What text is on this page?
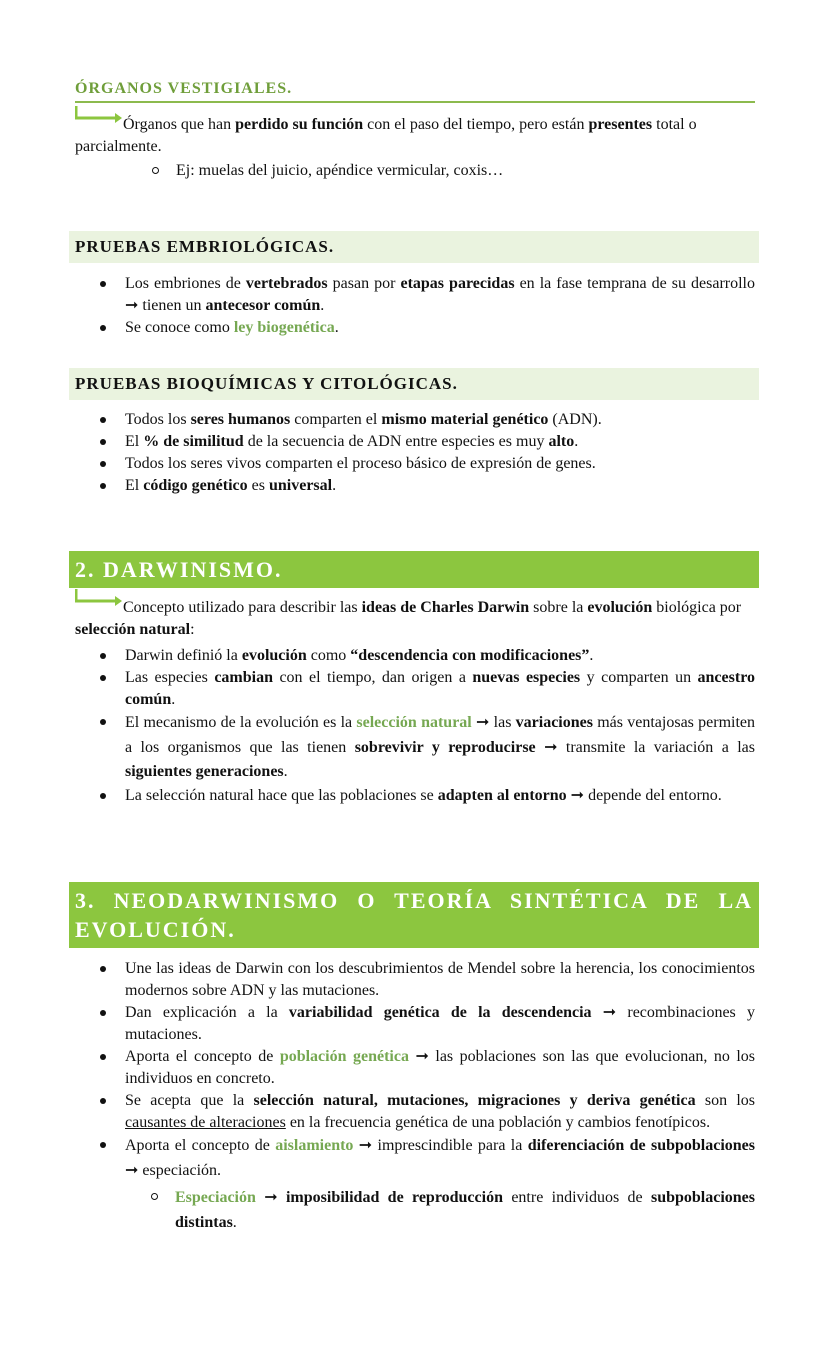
ÓRGANOS VESTIGIALES.
Órganos que han perdido su función con el paso del tiempo, pero están presentes total o parcialmente.
Ej: muelas del juicio, apéndice vermicular, coxis…
PRUEBAS EMBRIOLÓGICAS.
Los embriones de vertebrados pasan por etapas parecidas en la fase temprana de su desarrollo ➞ tienen un antecesor común.
Se conoce como ley biogenética.
PRUEBAS BIOQUÍMICAS Y CITOLÓGICAS.
Todos los seres humanos comparten el mismo material genético (ADN).
El % de similitud de la secuencia de ADN entre especies es muy alto.
Todos los seres vivos comparten el proceso básico de expresión de genes.
El código genético es universal.
2. DARWINISMO.
Concepto utilizado para describir las ideas de Charles Darwin sobre la evolución biológica por selección natural:
Darwin definió la evolución como “descendencia con modificaciones”.
Las especies cambian con el tiempo, dan origen a nuevas especies y comparten un ancestro común.
El mecanismo de la evolución es la selección natural ➞ las variaciones más ventajosas permiten a los organismos que las tienen sobrevivir y reproducirse ➞ transmite la variación a las siguientes generaciones.
La selección natural hace que las poblaciones se adapten al entorno ➞ depende del entorno.
3. NEODARWINISMO O TEORÍA SINTÉTICA DE LA EVOLUCIÓN.
Une las ideas de Darwin con los descubrimientos de Mendel sobre la herencia, los conocimientos modernos sobre ADN y las mutaciones.
Dan explicación a la variabilidad genética de la descendencia ➞ recombinaciones y mutaciones.
Aporta el concepto de población genética ➞ las poblaciones son las que evolucionan, no los individuos en concreto.
Se acepta que la selección natural, mutaciones, migraciones y deriva genética son los causantes de alteraciones en la frecuencia genética de una población y cambios fenotípicos.
Aporta el concepto de aislamiento ➞ imprescindible para la diferenciación de subpoblaciones ➞ especiación.
Especiación ➞ imposibilidad de reproducción entre individuos de subpoblaciones distintas.
